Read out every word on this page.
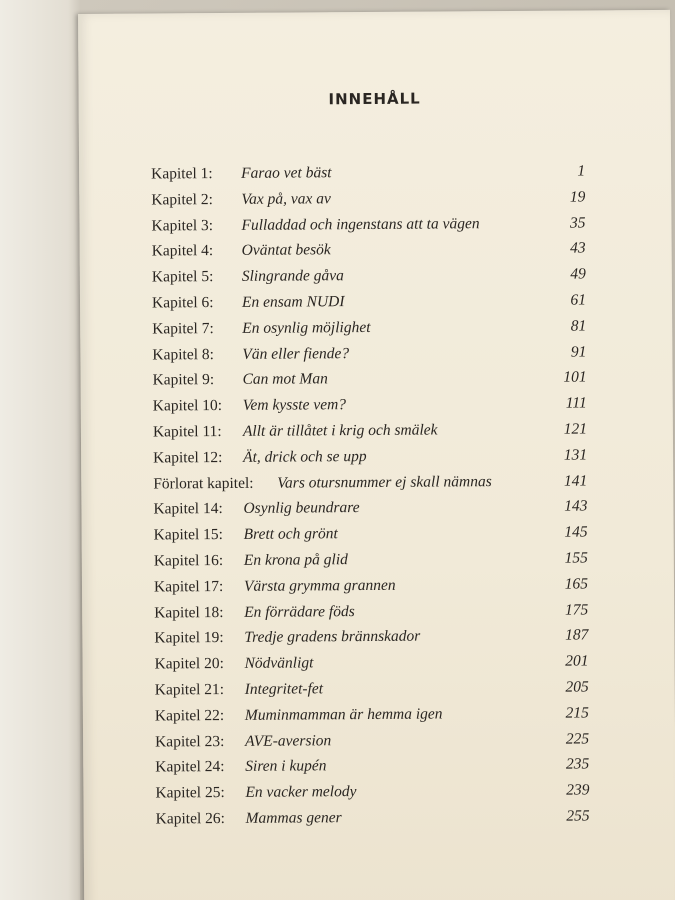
INNEHÅLL
Kapitel 1: Farao vet bäst	1
Kapitel 2: Vax på, vax av	19
Kapitel 3: Fulladdad och ingenstans att ta vägen	35
Kapitel 4: Oväntat besök	43
Kapitel 5: Slingrande gåva	49
Kapitel 6: En ensam NUDI	61
Kapitel 7: En osynlig möjlighet	81
Kapitel 8: Vän eller fiende?	91
Kapitel 9: Can mot Man	101
Kapitel 10: Vem kysste vem?	111
Kapitel 11: Allt är tillåtet i krig och smälek	121
Kapitel 12: Ät, drick och se upp	131
Förlorat kapitel: Vars otursnummer ej skall nämnas	141
Kapitel 14: Osynlig beundrare	143
Kapitel 15: Brett och grönt	145
Kapitel 16: En krona på glid	155
Kapitel 17: Värsta grymma grannen	165
Kapitel 18: En förrädare föds	175
Kapitel 19: Tredje gradens brännskador	187
Kapitel 20: Nödvänligt	201
Kapitel 21: Integritet-fet	205
Kapitel 22: Muminmamman är hemma igen	215
Kapitel 23: AVE-aversion	225
Kapitel 24: Siren i kupén	235
Kapitel 25: En vacker melody	239
Kapitel 26: Mammas gener	255
